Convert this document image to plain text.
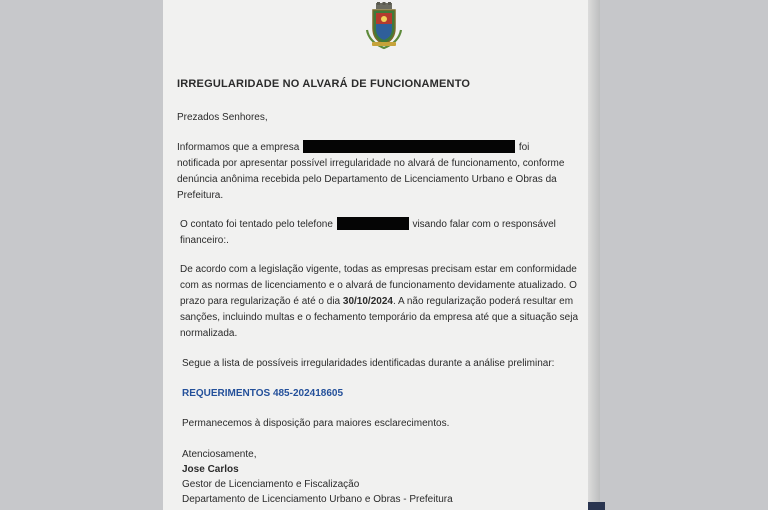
IRREGULARIDADE NO ALVARÁ DE FUNCIONAMENTO
Prezados Senhores,
Informamos que a empresa	foi
notificada por apresentar possível irregularidade no alvará de funcionamento, conforme
denúncia anônima recebida pelo Departamento de Licenciamento Urbano e Obras da
Prefeitura.
O contato foi tentado pelo telefone	visando falar com o responsável
financeiro:.
De acordo com a legislação vigente, todas as empresas precisam estar em conformidade
com as normas de licenciamento e o alvará de funcionamento devidamente atualizado. O
prazo para regularização é até o dia 30/10/2024. A não regularização poderá resultar em
sanções, incluindo multas e o fechamento temporário da empresa até que a situação seja
normalizada.
Segue a lista de possíveis irregularidades identificadas durante a análise preliminar:
REQUERIMENTOS 485-202418605
Permanecemos à disposição para maiores esclarecimentos.
Atenciosamente,
Jose Carlos
Gestor de Licenciamento e Fiscalização
Departamento de Licenciamento Urbano e Obras - Prefeitura
